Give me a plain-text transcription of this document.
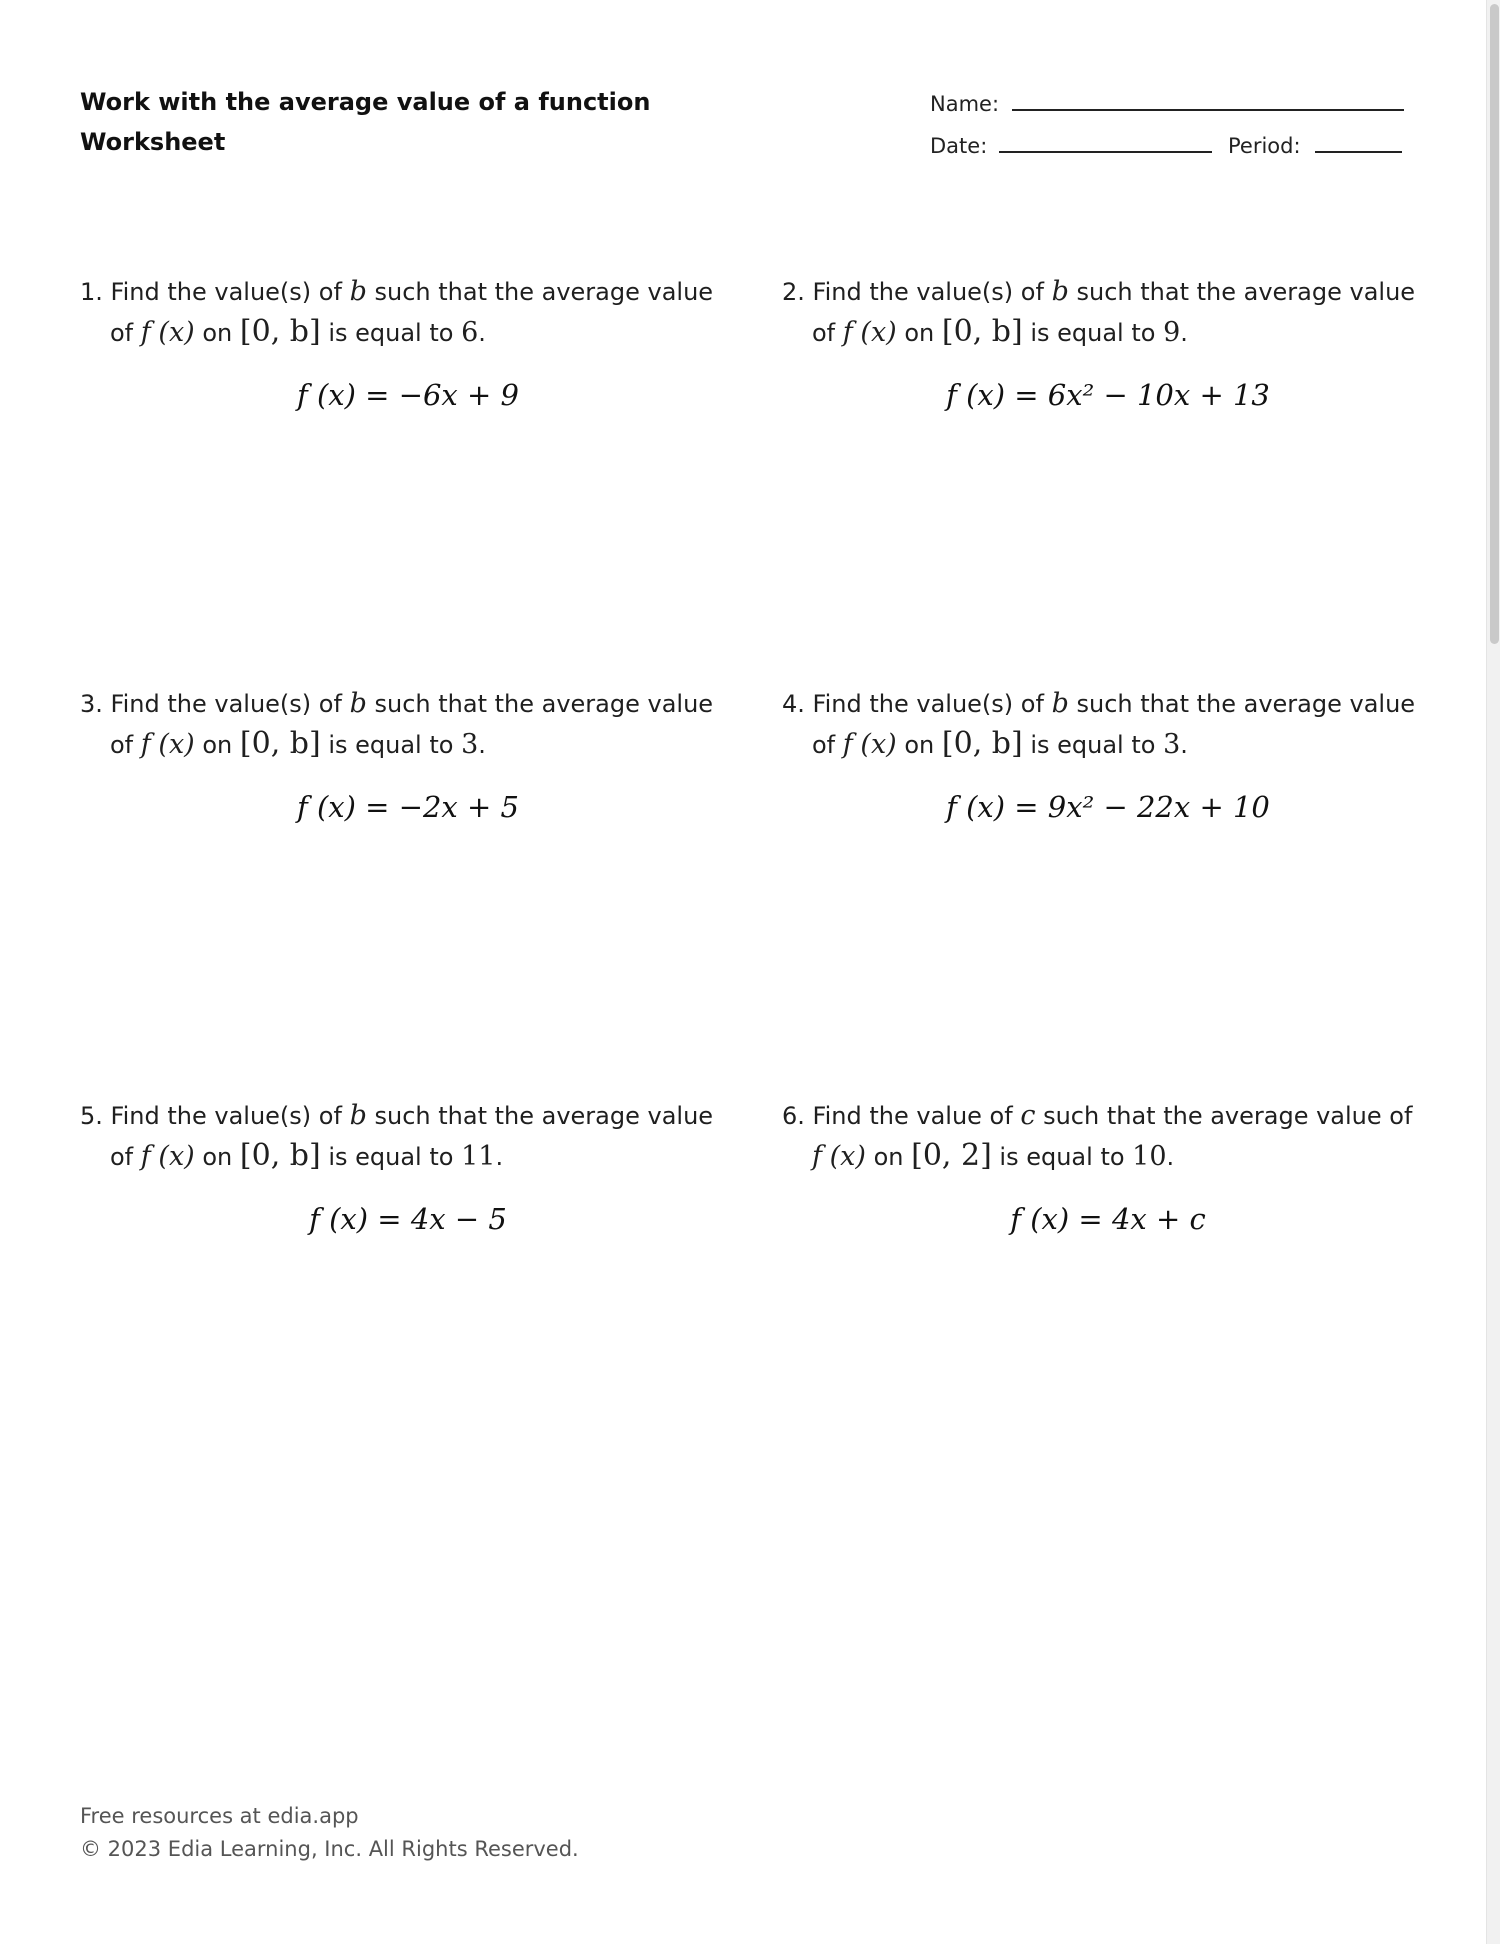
Work with the average value of a function
Worksheet
Name:
Date:	Period:
1. Find the value(s) of b such that the average value
of f (x) on [0, b] is equal to 6.
f (x) = −6x + 9
2. Find the value(s) of b such that the average value
of f (x) on [0, b] is equal to 9.
f (x) = 6x² − 10x + 13
3. Find the value(s) of b such that the average value
of f (x) on [0, b] is equal to 3.
f (x) = −2x + 5
4. Find the value(s) of b such that the average value
of f (x) on [0, b] is equal to 3.
f (x) = 9x² − 22x + 10
5. Find the value(s) of b such that the average value
of f (x) on [0, b] is equal to 11.
f (x) = 4x − 5
6. Find the value of c such that the average value of
f (x) on [0, 2] is equal to 10.
f (x) = 4x + c
Free resources at edia.app
© 2023 Edia Learning, Inc. All Rights Reserved.
